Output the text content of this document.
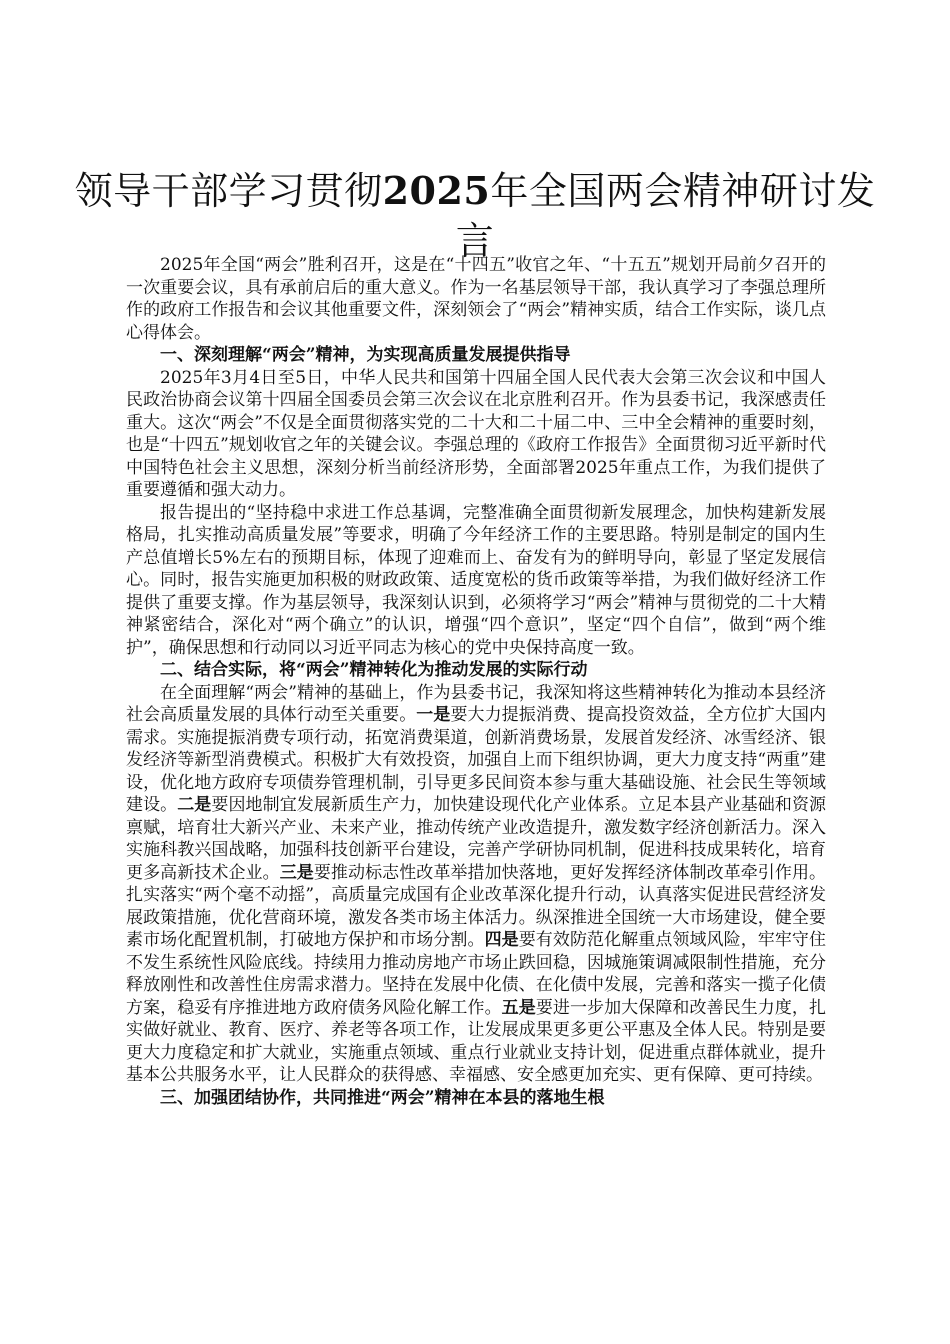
领导干部学习贯彻2025年全国两会精神研讨发言

2025年全国“两会”胜利召开，这是在“十四五”收官之年、“十五五”规划开局前夕召开的一次重要会议，具有承前启后的重大意义。作为一名基层领导干部，我认真学习了李强总理所作的政府工作报告和会议其他重要文件，深刻领会了“两会”精神实质，结合工作实际，谈几点心得体会。

一、深刻理解“两会”精神，为实现高质量发展提供指导

2025年3月4日至5日，中华人民共和国第十四届全国人民代表大会第三次会议和中国人民政治协商会议第十四届全国委员会第三次会议在北京胜利召开。作为县委书记，我深感责任重大。这次“两会”不仅是全面贯彻落实党的二十大和二十届二中、三中全会精神的重要时刻，也是“十四五”规划收官之年的关键会议。李强总理的《政府工作报告》全面贯彻习近平新时代中国特色社会主义思想，深刻分析当前经济形势，全面部署2025年重点工作，为我们提供了重要遵循和强大动力。

报告提出的“坚持稳中求进工作总基调，完整准确全面贯彻新发展理念，加快构建新发展格局，扎实推动高质量发展”等要求，明确了今年经济工作的主要思路。特别是制定的国内生产总值增长5%左右的预期目标，体现了迎难而上、奋发有为的鲜明导向，彰显了坚定发展信心。同时，报告实施更加积极的财政政策、适度宽松的货币政策等举措，为我们做好经济工作提供了重要支撑。作为基层领导，我深刻认识到，必须将学习“两会”精神与贯彻党的二十大精神紧密结合，深化对“两个确立”的认识，增强“四个意识”，坚定“四个自信”，做到“两个维护”，确保思想和行动同以习近平同志为核心的党中央保持高度一致。

二、结合实际，将“两会”精神转化为推动发展的实际行动

在全面理解“两会”精神的基础上，作为县委书记，我深知将这些精神转化为推动本县经济社会高质量发展的具体行动至关重要。一是要大力提振消费、提高投资效益，全方位扩大国内需求。实施提振消费专项行动，拓宽消费渠道，创新消费场景，发展首发经济、冰雪经济、银发经济等新型消费模式。积极扩大有效投资，加强自上而下组织协调，更大力度支持“两重”建设，优化地方政府专项债券管理机制，引导更多民间资本参与重大基础设施、社会民生等领域建设。二是要因地制宜发展新质生产力，加快建设现代化产业体系。立足本县产业基础和资源禀赋，培育壮大新兴产业、未来产业，推动传统产业改造提升，激发数字经济创新活力。深入实施科教兴国战略，加强科技创新平台建设，完善产学研协同机制，促进科技成果转化，培育更多高新技术企业。三是要推动标志性改革举措加快落地，更好发挥经济体制改革牵引作用。扎实落实“两个毫不动摇”，高质量完成国有企业改革深化提升行动，认真落实促进民营经济发展政策措施，优化营商环境，激发各类市场主体活力。纵深推进全国统一大市场建设，健全要素市场化配置机制，打破地方保护和市场分割。四是要有效防范化解重点领域风险，牢牢守住不发生系统性风险底线。持续用力推动房地产市场止跌回稳，因城施策调减限制性措施，充分释放刚性和改善性住房需求潜力。坚持在发展中化债、在化债中发展，完善和落实一揽子化债方案，稳妥有序推进地方政府债务风险化解工作。五是要进一步加大保障和改善民生力度，扎实做好就业、教育、医疗、养老等各项工作，让发展成果更多更公平惠及全体人民。特别是要更大力度稳定和扩大就业，实施重点领域、重点行业就业支持计划，促进重点群体就业，提升基本公共服务水平，让人民群众的获得感、幸福感、安全感更加充实、更有保障、更可持续。

三、加强团结协作，共同推进“两会”精神在本县的落地生根
